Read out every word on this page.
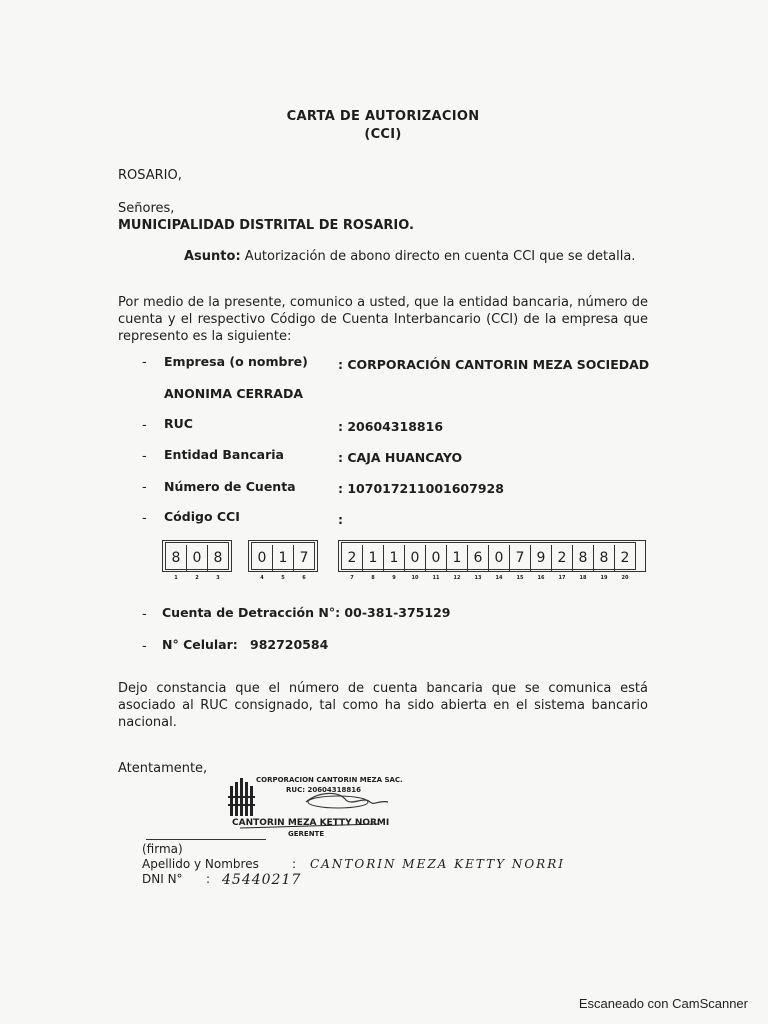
CARTA DE AUTORIZACION
(CCI)
ROSARIO,
Señores,
MUNICIPALIDAD DISTRITAL DE ROSARIO.
Asunto: Autorización de abono directo en cuenta CCI que se detalla.
Por medio de la presente, comunico a usted, que la entidad bancaria, número de cuenta y el respectivo Código de Cuenta Interbancario (CCI) de la empresa que represento es la siguiente:
- Empresa (o nombre) : CORPORACIÓN CANTORIN MEZA SOCIEDAD
ANONIMA CERRADA
- RUC	: 20604318816
- Entidad Bancaria	: CAJA HUANCAYO
- Número de Cuenta	: 107017211001607928
- Código CCI	:
8 0 8	0 1 7	2 1 1 0 0 1 6 0 7 9 2 8 8 2
1	2	3	4	5	6	7	8	9	10	11	12	13	14	15	16	17	18	19	20
- Cuenta de Detracción N°: 00-381-375129
- N° Celular: 982720584
Dejo constancia que el número de cuenta bancaria que se comunica está asociado al RUC consignado, tal como ha sido abierta en el sistema bancario nacional.
Atentamente,
CORPORACION CANTORIN MEZA SAC.
RUC: 20604318816
CANTORIN MEZA KETTY NORMI
GERENTE
(firma)
Apellido y Nombres	: CANTORIN MEZA KETTY NORRI
DNI N° : 45440217
Escaneado con CamScanner
